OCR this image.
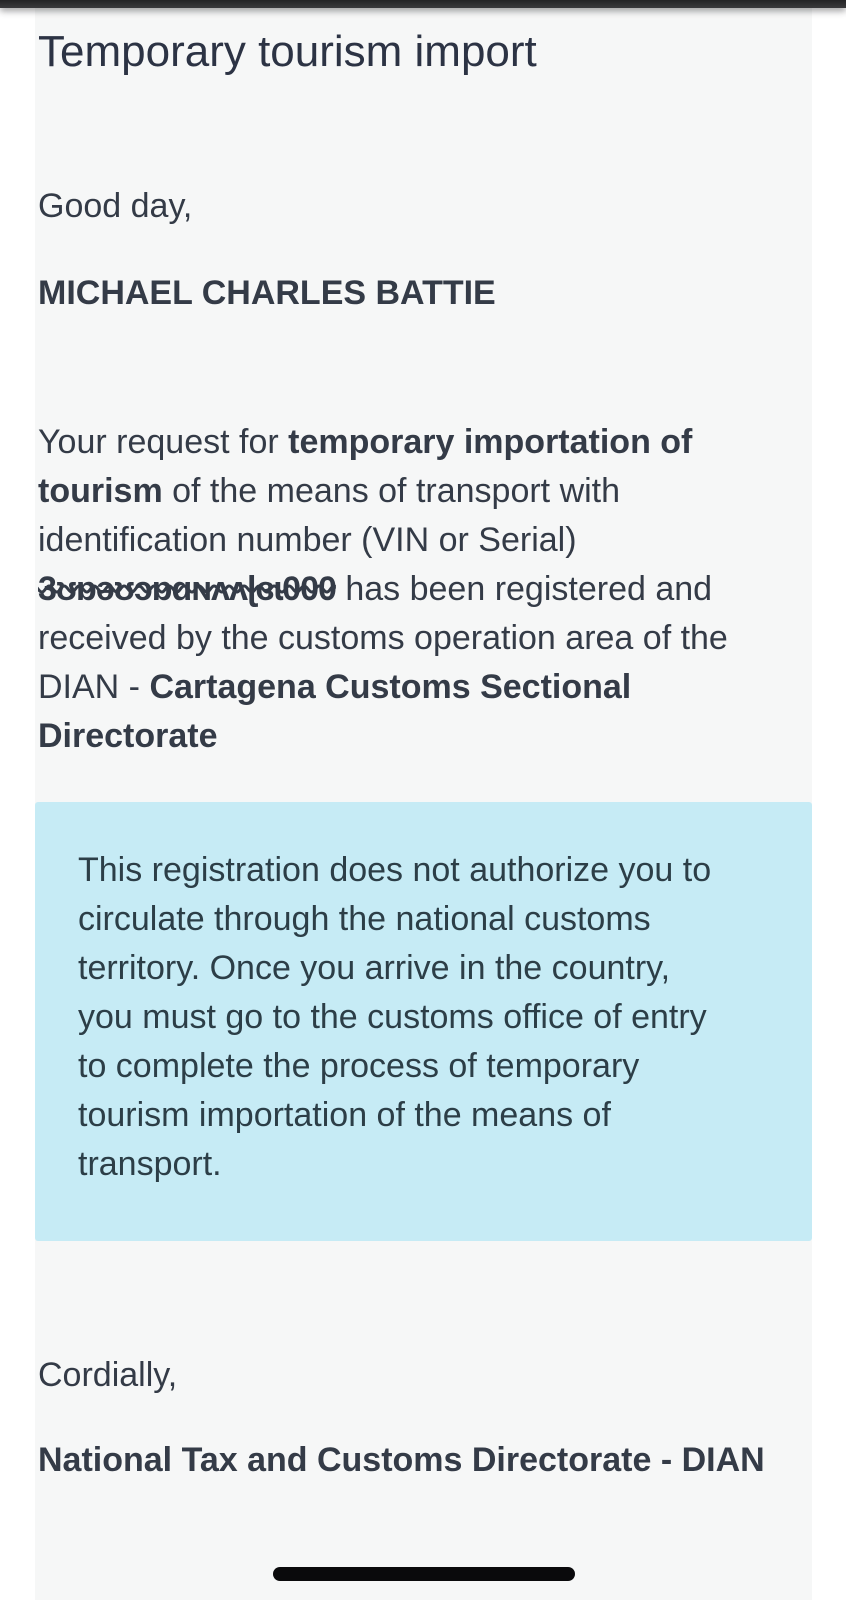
Temporary tourism import
Good day,
MICHAEL CHARLES BATTIE
Your request for temporary importation of tourism of the means of transport with identification number (VIN or Serial) 3ʊɒəʊɔɒɑɴʌʌɭɞɩ000 has been registered and received by the customs operation area of the DIAN - Cartagena Customs Sectional Directorate
This registration does not authorize you to circulate through the national customs territory. Once you arrive in the country, you must go to the customs office of entry to complete the process of temporary tourism importation of the means of transport.
Cordially,
National Tax and Customs Directorate - DIAN
